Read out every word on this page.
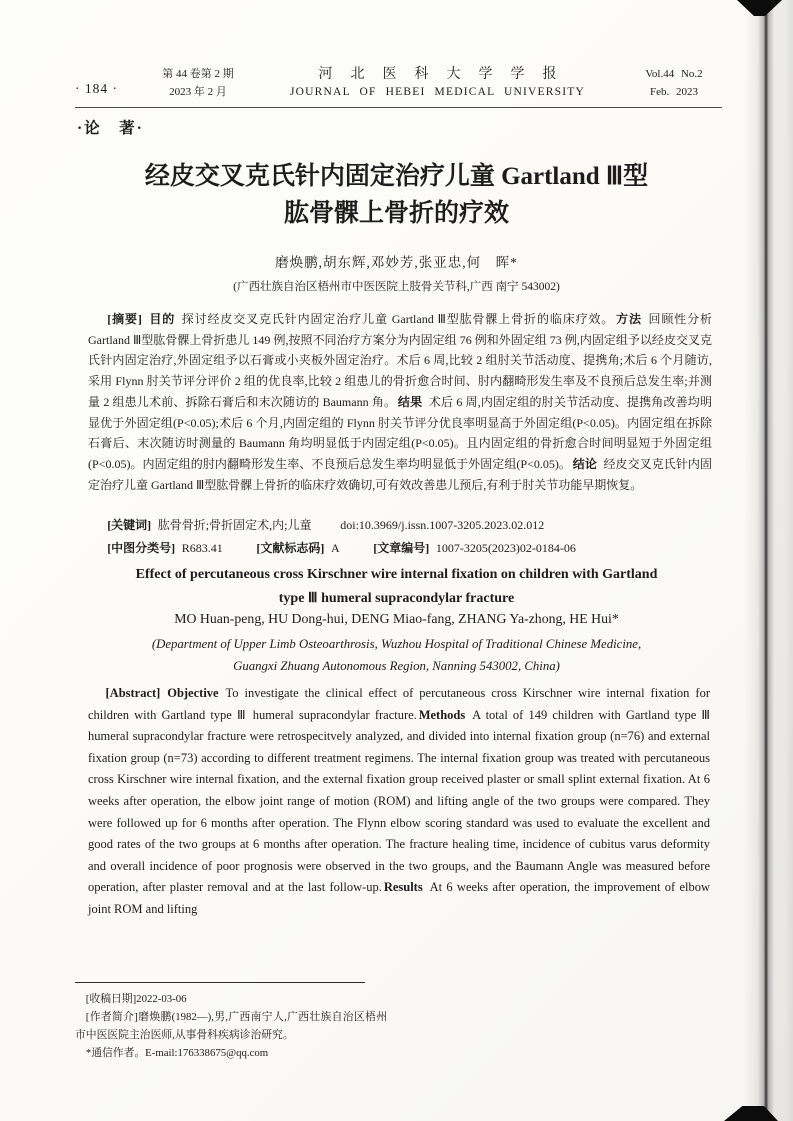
· 184 ·
第 44 卷第 2 期
2023 年 2 月
河北医科大学学报
JOURNAL OF HEBEI MEDICAL UNIVERSITY
Vol.44 No.2
Feb. 2023
·论　著·
经皮交叉克氏针内固定治疗儿童 Gartland Ⅲ型
肱骨髁上骨折的疗效
磨焕鹏,胡东辉,邓妙芳,张亚忠,何　晖*
(广西壮族自治区梧州市中医医院上肢骨关节科,广西 南宁 543002)

[摘要] 目的 探讨经皮交叉克氏针内固定治疗儿童 Gartland Ⅲ型肱骨髁上骨折的临床疗效。 方法 回顾性分析 Gartland Ⅲ型肱骨髁上骨折患儿 149 例,按照不同治疗方案分为内固定组 76 例和外固定组 73 例,内固定组予以经皮交叉克氏针内固定治疗,外固定组予以石膏或小夹板外固定治疗。术后 6 周,比较 2 组肘关节活动度、提携角;术后 6 个月随访,采用 Flynn 肘关节评分评价 2 组的优良率,比较 2 组患儿的骨折愈合时间、肘内翻畸形发生率及不良预后总发生率;并测量 2 组患儿术前、拆除石膏后和末次随访的 Baumann 角。 结果 术后 6 周,内固定组的肘关节活动度、提携角改善均明显优于外固定组(P<0.05);术后 6 个月,内固定组的 Flynn 肘关节评分优良率明显高于外固定组(P<0.05)。内固定组在拆除石膏后、末次随访时测量的 Baumann 角均明显低于内固定组(P<0.05)。且内固定组的骨折愈合时间明显短于外固定组(P<0.05)。内固定组的肘内翻畸形发生率、不良预后总发生率均明显低于外固定组(P<0.05)。 结论 经皮交叉克氏针内固定治疗儿童 Gartland Ⅲ型肱骨髁上骨折的临床疗效确切,可有效改善患儿预后,有利于肘关节功能早期恢复。

[关键词] 肱骨骨折;骨折固定术,内;儿童 doi:10.3969/j.issn.1007-3205.2023.02.012

[中图分类号] R683.41	[文献标志码] A	[文章编号] 1007-3205(2023)02-0184-06

Effect of percutaneous cross Kirschner wire internal fixation on children with Gartland
type Ⅲ humeral supracondylar fracture
MO Huan-peng, HU Dong-hui, DENG Miao-fang, ZHANG Ya-zhong, HE Hui*
(Department of Upper Limb Osteoarthrosis, Wuzhou Hospital of Traditional Chinese Medicine,
Guangxi Zhuang Autonomous Region, Nanning 543002, China)

[Abstract] Objective To investigate the clinical effect of percutaneous cross Kirschner wire internal fixation for children with Gartland type Ⅲ humeral supracondylar fracture. Methods A total of 149 children with Gartland type Ⅲ humeral supracondylar fracture were retrospecitvely analyzed, and divided into internal fixation group (n=76) and external fixation group (n=73) according to different treatment regimens. The internal fixation group was treated with percutaneous cross Kirschner wire internal fixation, and the external fixation group received plaster or small splint external fixation. At 6 weeks after operation, the elbow joint range of motion (ROM) and lifting angle of the two groups were compared. They were followed up for 6 months after operation. The Flynn elbow scoring standard was used to evaluate the excellent and good rates of the two groups at 6 months after operation. The fracture healing time, incidence of cubitus varus deformity and overall incidence of poor prognosis were observed in the two groups, and the Baumann Angle was measured before operation, after plaster removal and at the last follow-up. Results At 6 weeks after operation, the improvement of elbow joint ROM and lifting

[收稿日期]2022-03-06

[作者简介]磨焕鹏(1982—),男,广西南宁人,广西壮族自治区梧州市中医医院主治医师,从事骨科疾病诊治研究。

*通信作者。E-mail:176338675@qq.com
